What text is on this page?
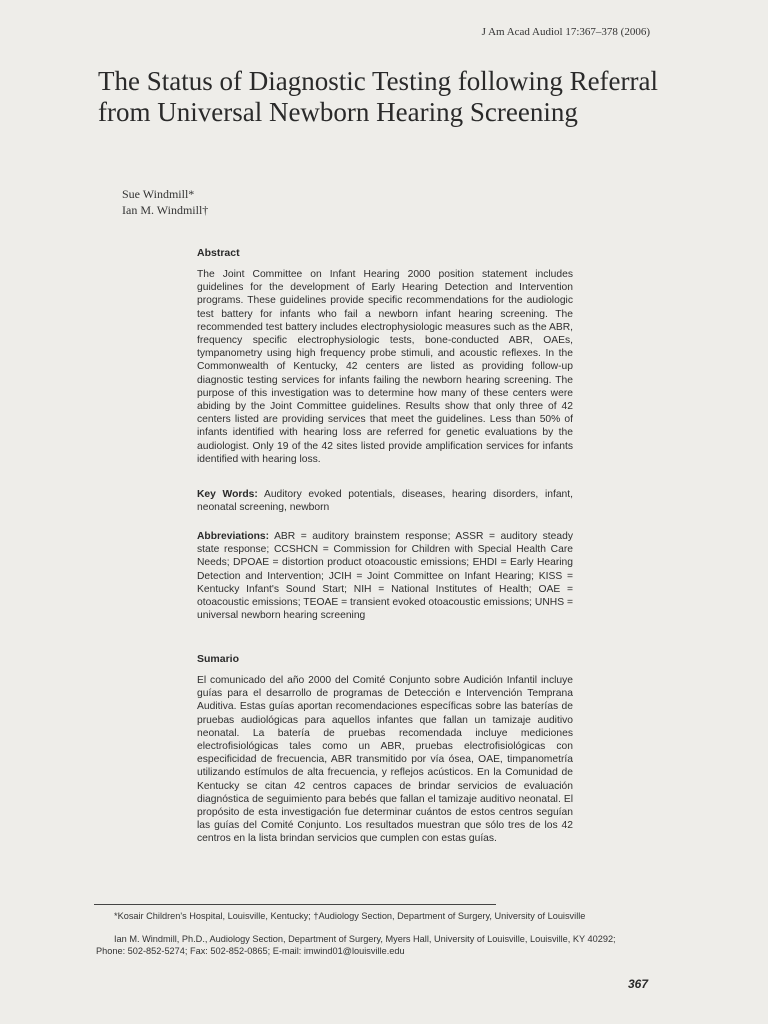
J Am Acad Audiol 17:367–378 (2006)
The Status of Diagnostic Testing following Referral from Universal Newborn Hearing Screening
Sue Windmill*
Ian M. Windmill†
Abstract
The Joint Committee on Infant Hearing 2000 position statement includes guidelines for the development of Early Hearing Detection and Intervention programs. These guidelines provide specific recommendations for the audiologic test battery for infants who fail a newborn infant hearing screening. The recommended test battery includes electrophysiologic measures such as the ABR, frequency specific electrophysiologic tests, bone-conducted ABR, OAEs, tympanometry using high frequency probe stimuli, and acoustic reflexes. In the Commonwealth of Kentucky, 42 centers are listed as providing follow-up diagnostic testing services for infants failing the newborn hearing screening. The purpose of this investigation was to determine how many of these centers were abiding by the Joint Committee guidelines. Results show that only three of 42 centers listed are providing services that meet the guidelines. Less than 50% of infants identified with hearing loss are referred for genetic evaluations by the audiologist. Only 19 of the 42 sites listed provide amplification services for infants identified with hearing loss.
Key Words: Auditory evoked potentials, diseases, hearing disorders, infant, neonatal screening, newborn
Abbreviations: ABR = auditory brainstem response; ASSR = auditory steady state response; CCSHCN = Commission for Children with Special Health Care Needs; DPOAE = distortion product otoacoustic emissions; EHDI = Early Hearing Detection and Intervention; JCIH = Joint Committee on Infant Hearing; KISS = Kentucky Infant's Sound Start; NIH = National Institutes of Health; OAE = otoacoustic emissions; TEOAE = transient evoked otoacoustic emissions; UNHS = universal newborn hearing screening
Sumario
El comunicado del año 2000 del Comité Conjunto sobre Audición Infantil incluye guías para el desarrollo de programas de Detección e Intervención Temprana Auditiva. Estas guías aportan recomendaciones específicas sobre las baterías de pruebas audiológicas para aquellos infantes que fallan un tamizaje auditivo neonatal. La batería de pruebas recomendada incluye mediciones electrofisiológicas tales como un ABR, pruebas electrofisiológicas con especificidad de frecuencia, ABR transmitido por vía ósea, OAE, timpanometría utilizando estímulos de alta frecuencia, y reflejos acústicos. En la Comunidad de Kentucky se citan 42 centros capaces de brindar servicios de evaluación diagnóstica de seguimiento para bebés que fallan el tamizaje auditivo neonatal. El propósito de esta investigación fue determinar cuántos de estos centros seguían las guías del Comité Conjunto. Los resultados muestran que sólo tres de los 42 centros en la lista brindan servicios que cumplen con estas guías.
*Kosair Children's Hospital, Louisville, Kentucky; †Audiology Section, Department of Surgery, University of Louisville
Ian M. Windmill, Ph.D., Audiology Section, Department of Surgery, Myers Hall, University of Louisville, Louisville, KY 40292; Phone: 502-852-5274; Fax: 502-852-0865; E-mail: imwind01@louisville.edu
367
